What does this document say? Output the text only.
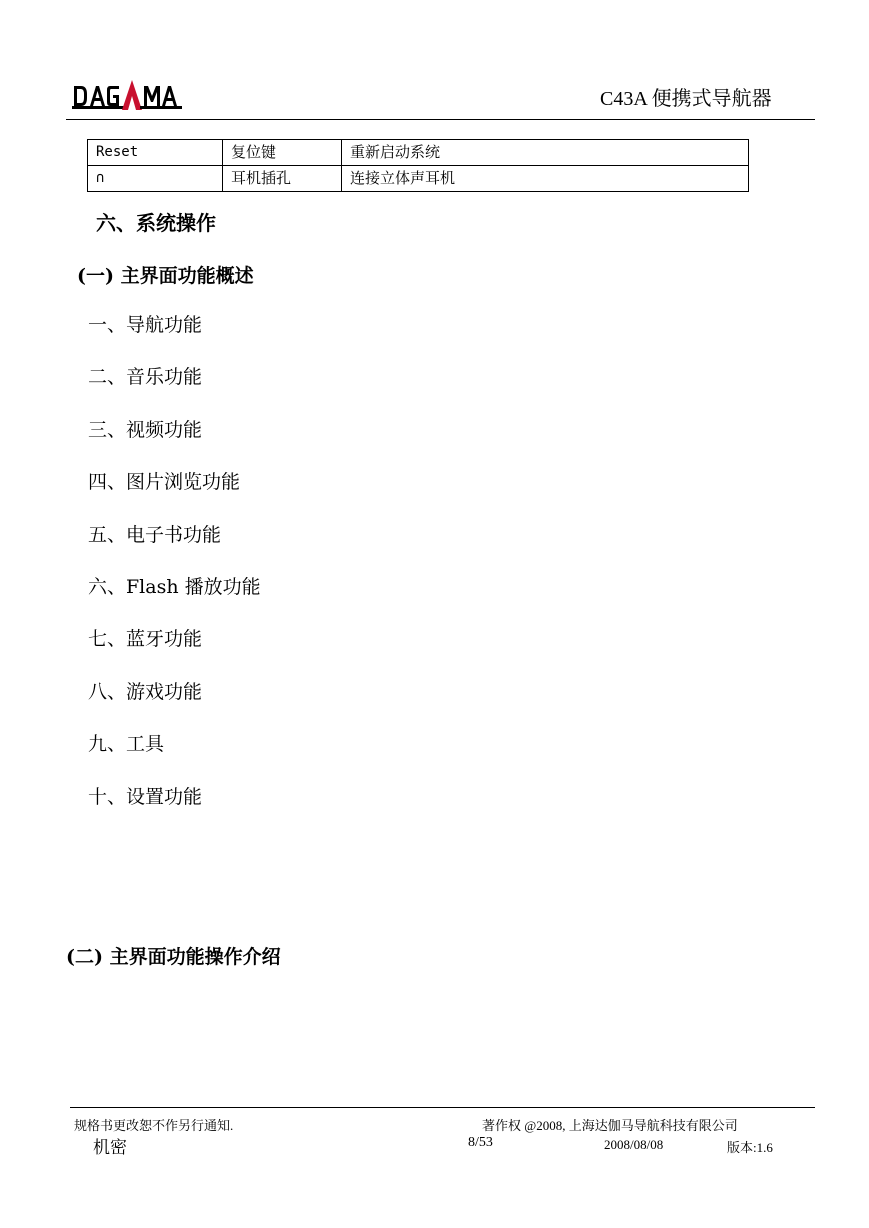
DAGAMA
C43A 便携式导航器
Reset	复位键	重新启动系统
∩	耳机插孔	连接立体声耳机
六、系统操作
(一) 主界面功能概述
一、导航功能
二、音乐功能
三、视频功能
四、图片浏览功能
五、电子书功能
六、Flash 播放功能
七、蓝牙功能
八、游戏功能
九、工具
十、设置功能
(二) 主界面功能操作介绍
规格书更改恕不作另行通知.	著作权 @2008, 上海达伽马导航科技有限公司
机密	8/53	2008/08/08	版本:1.6
